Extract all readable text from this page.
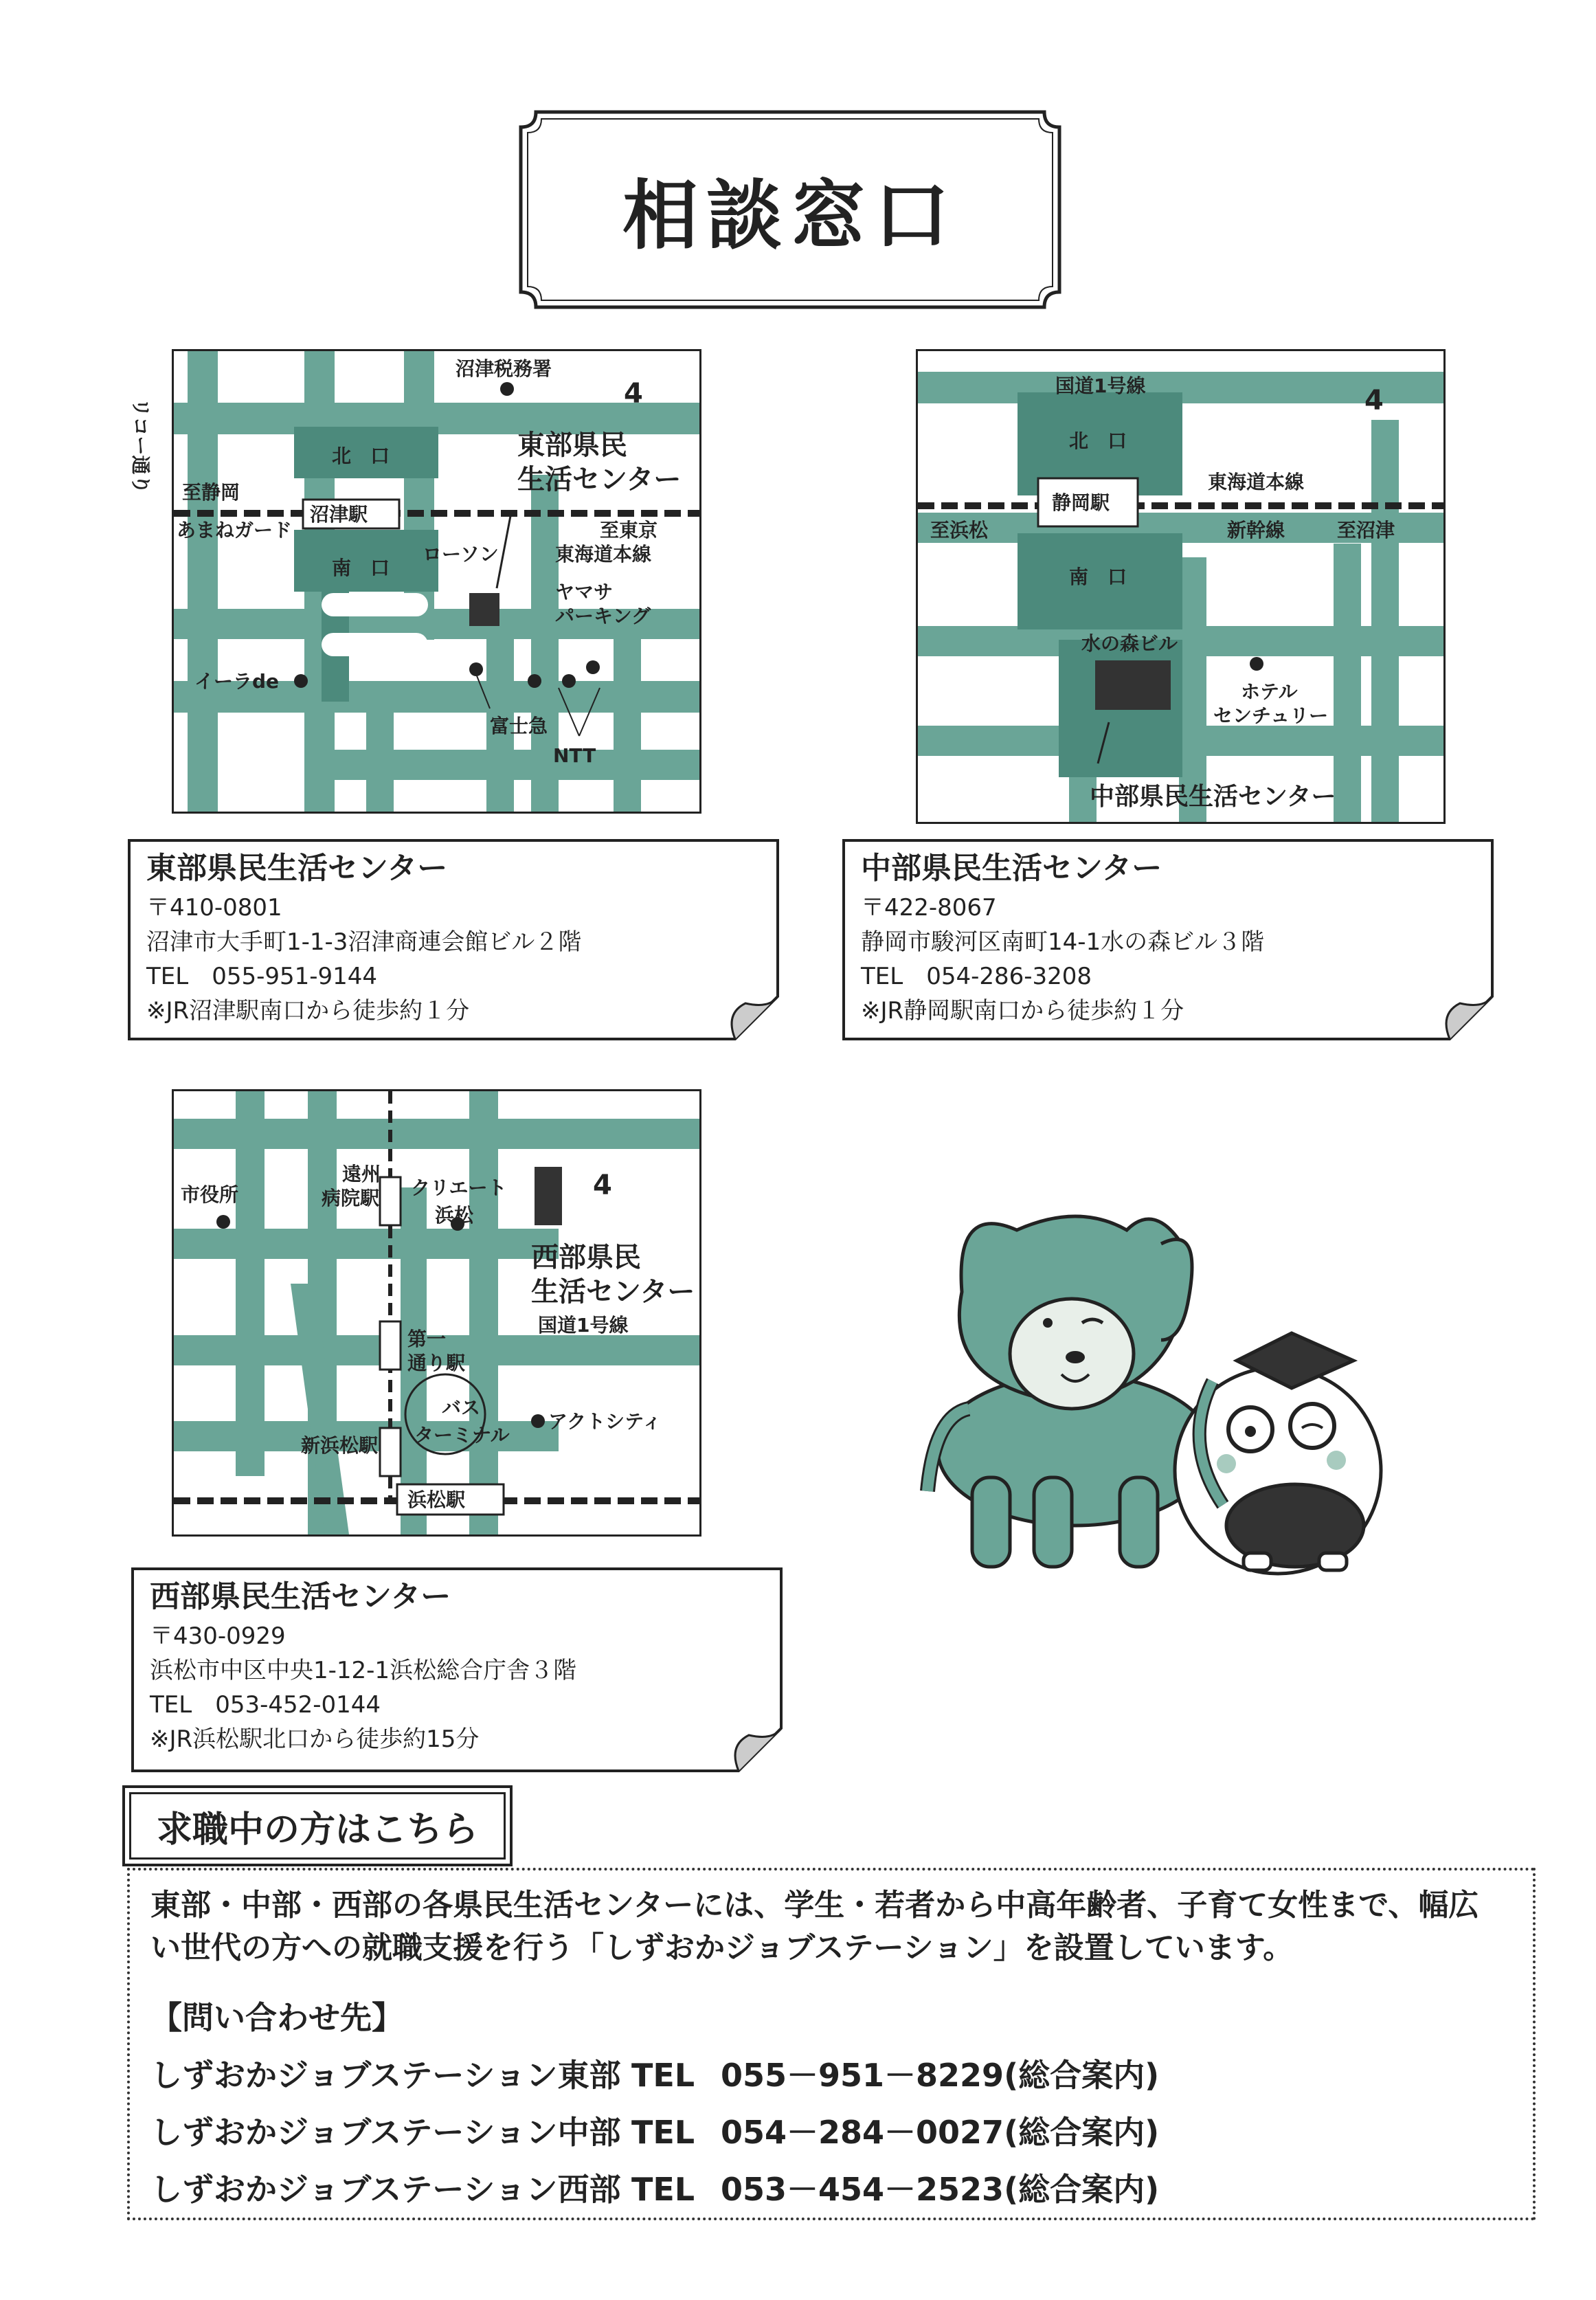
相談窓口
沼津駅
沼津税務署
4
東部県民
生活センター
リコー通り 至静岡
あまねガード
北　口
至東京
東海道本線
南　口
ローソン
ヤマサ
パーキング
イーラde
富士急
NTT
静岡駅
国道1号線	4
北　口
東海道本線
至浜松	新幹線	至沼津
南　口
水の森ビル
ホテル
センチュリー
中部県民生活センター
東部県民生活センター
〒410-0801
沼津市大手町1-1-3沼津商連会館ビル２階
TEL　055-951-9144
※JR沼津駅南口から徒歩約１分
中部県民生活センター
〒422-8067
静岡市駿河区南町14-1水の森ビル３階
TEL　054-286-3208
※JR静岡駅南口から徒歩約１分
浜松駅
市役所
遠州
病院駅 クリエート
浜松
4
西部県民
生活センター
第一
通り駅
国道1号線
新浜松駅
バス
ターミナル
アクトシティ
西部県民生活センター
〒430-0929
浜松市中区中央1-12-1浜松総合庁舎３階
TEL　053-452-0144
※JR浜松駅北口から徒歩約15分
求職中の方はこちら
東部・中部・西部の各県民生活センターには、学生・若者から中高年齢者、子育て女性まで、幅広
い世代の方への就職支援を行う「しずおかジョブステーション」を設置しています。
【問い合わせ先】
しずおかジョブステーション東部 TEL 055－951－8229(総合案内)
しずおかジョブステーション中部 TEL 054－284－0027(総合案内)
しずおかジョブステーション西部 TEL 053－454－2523(総合案内)
